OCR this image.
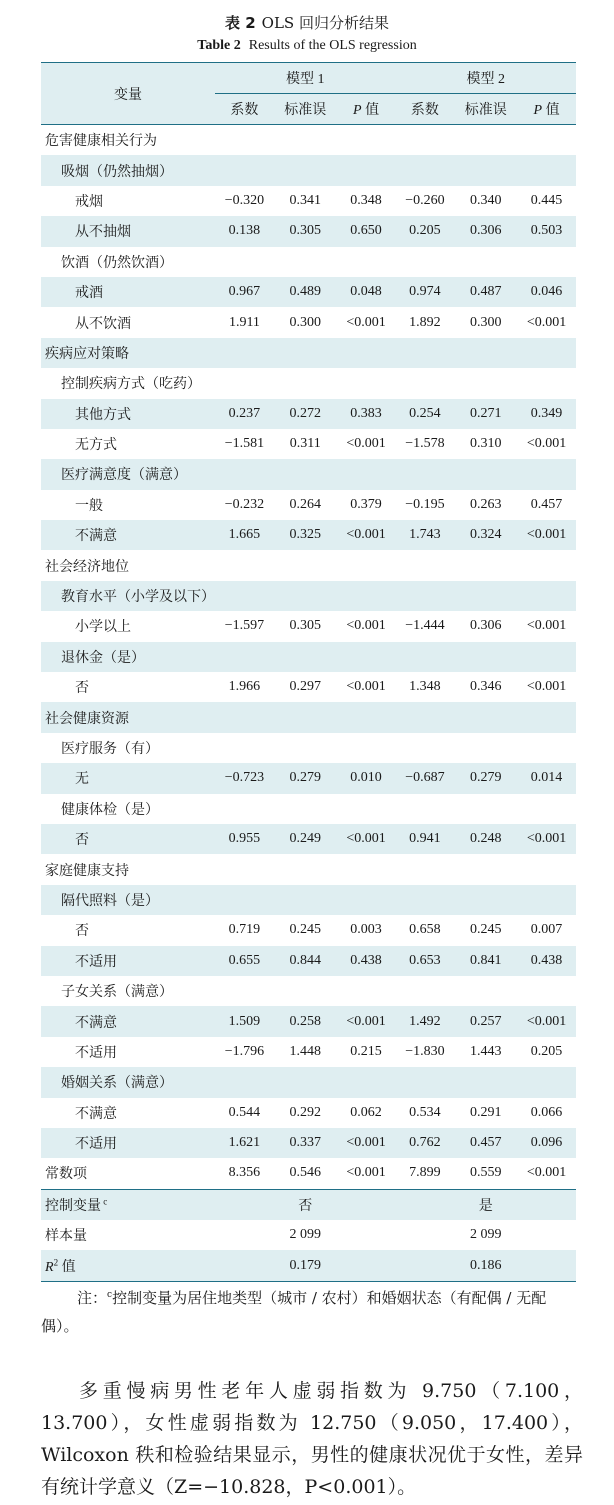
表 2 OLS 回归分析结果
Table 2 Results of the OLS regression
变量	模型 1			模型 2		
	系数	标准误	P 值	系数	标准误	P 值
危害健康相关行为						
吸烟（仍然抽烟）						
戒烟	−0.320	0.341	0.348	−0.260	0.340	0.445
从不抽烟	0.138	0.305	0.650	0.205	0.306	0.503
饮酒（仍然饮酒）						
戒酒	0.967	0.489	0.048	0.974	0.487	0.046
从不饮酒	1.911	0.300	<0.001	1.892	0.300	<0.001
疾病应对策略						
控制疾病方式（吃药）						
其他方式	0.237	0.272	0.383	0.254	0.271	0.349
无方式	−1.581	0.311	<0.001	−1.578	0.310	<0.001
医疗满意度（满意）						
一般	−0.232	0.264	0.379	−0.195	0.263	0.457
不满意	1.665	0.325	<0.001	1.743	0.324	<0.001
社会经济地位						
教育水平（小学及以下）						
小学以上	−1.597	0.305	<0.001	−1.444	0.306	<0.001
退休金（是）						
否	1.966	0.297	<0.001	1.348	0.346	<0.001
社会健康资源						
医疗服务（有）						
无	−0.723	0.279	0.010	−0.687	0.279	0.014
健康体检（是）						
否	0.955	0.249	<0.001	0.941	0.248	<0.001
家庭健康支持						
隔代照料（是）						
否	0.719	0.245	0.003	0.658	0.245	0.007
不适用	0.655	0.844	0.438	0.653	0.841	0.438
子女关系（满意）						
不满意	1.509	0.258	<0.001	1.492	0.257	<0.001
不适用	−1.796	1.448	0.215	−1.830	1.443	0.205
婚姻关系（满意）						
不满意	0.544	0.292	0.062	0.534	0.291	0.066
不适用	1.621	0.337	<0.001	0.762	0.457	0.096
常数项	8.356	0.546	<0.001	7.899	0.559	<0.001
控制变量 $^c$	否			是		
样本量	2 099			2 099		
$R^2$ 值	0.179			0.186		
注：$^c$控制变量为居住地类型（城市 / 农村）和婚姻状态（有配偶 / 无配偶）。
多重慢病男性老年人虚弱指数为 9.750（7.100，13.700），女性虚弱指数为 12.750（9.050，17.400），Wilcoxon 秩和检验结果显示，男性的健康状况优于女性，差异有统计学意义（Z=−10.828，P<0.001）。
